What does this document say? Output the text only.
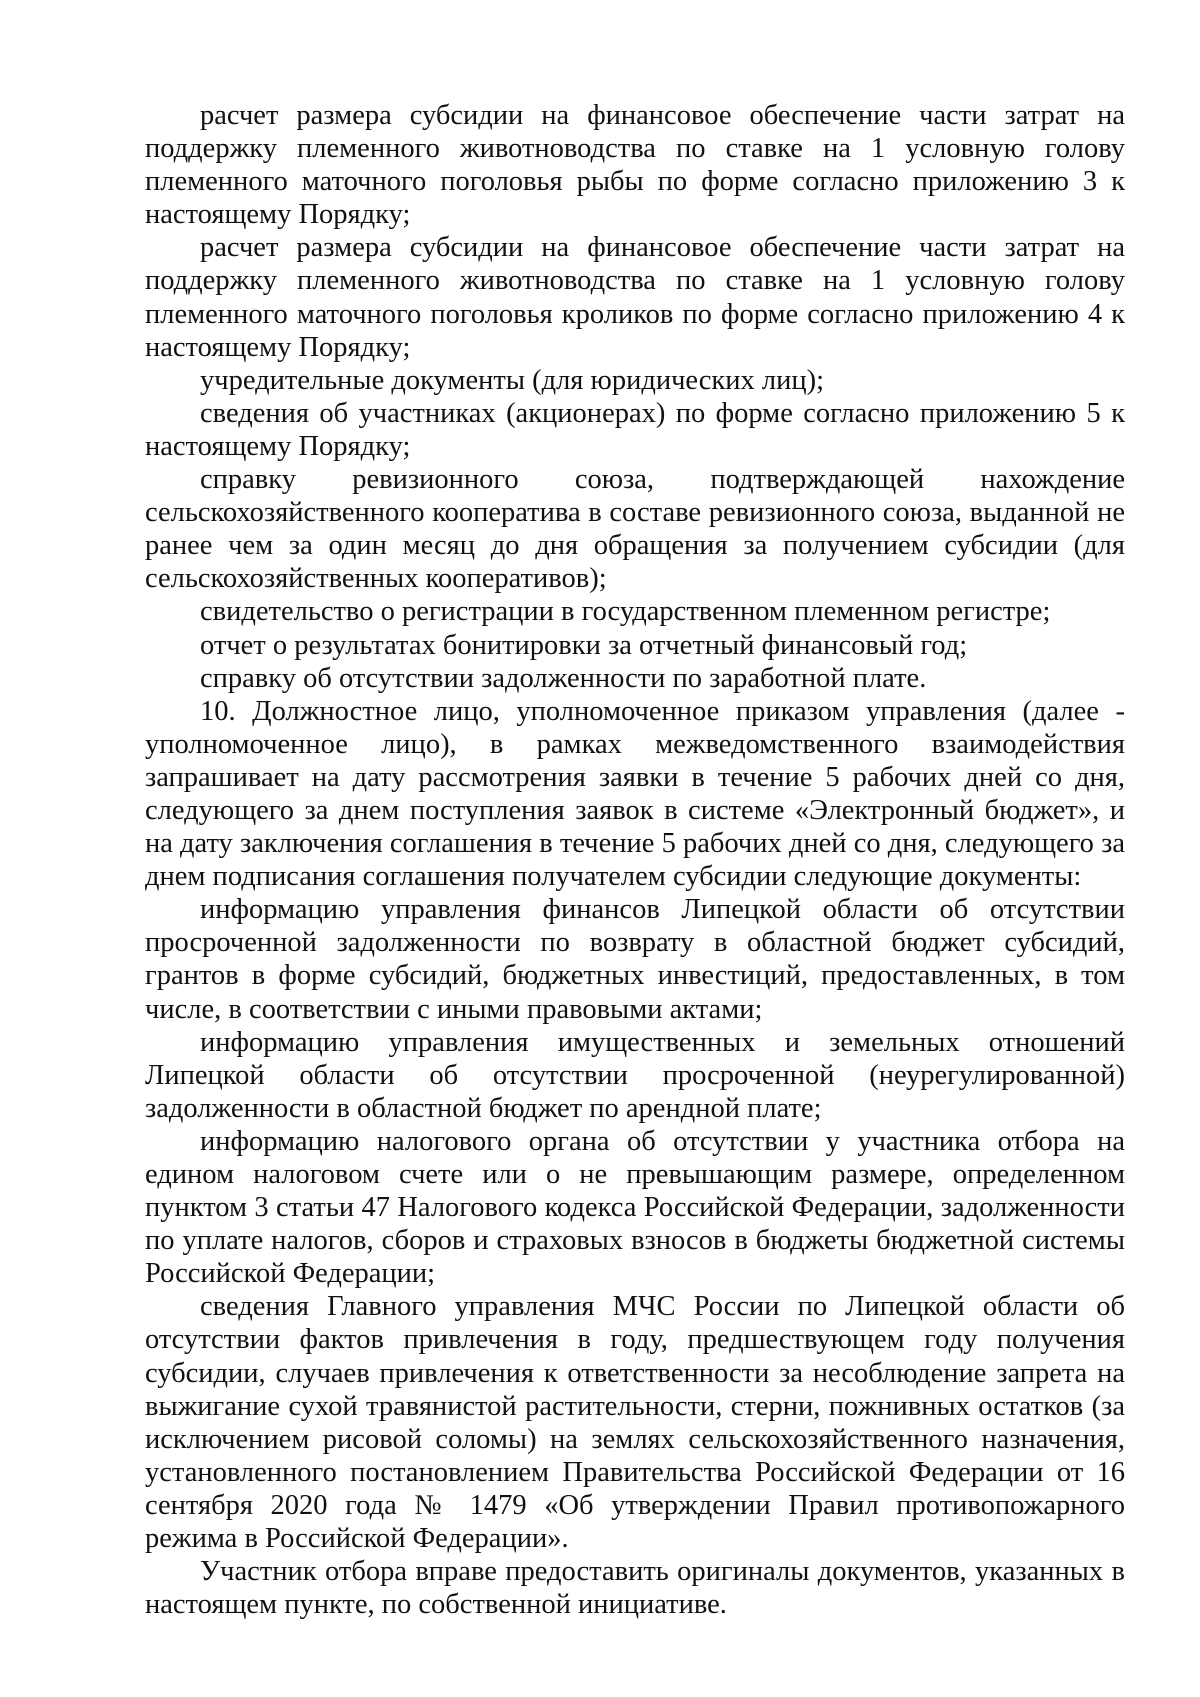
расчет размера субсидии на финансовое обеспечение части затрат на поддержку племенного животноводства по ставке на 1 условную голову племенного маточного поголовья рыбы по форме согласно приложению 3 к настоящему Порядку;

расчет размера субсидии на финансовое обеспечение части затрат на поддержку племенного животноводства по ставке на 1 условную голову племенного маточного поголовья кроликов по форме согласно приложению 4 к настоящему Порядку;

учредительные документы (для юридических лиц);

сведения об участниках (акционерах) по форме согласно приложению 5 к настоящему Порядку;

справку ревизионного союза, подтверждающей нахождение сельскохозяйственного кооператива в составе ревизионного союза, выданной не ранее чем за один месяц до дня обращения за получением субсидии (для сельскохозяйственных кооперативов);

свидетельство о регистрации в государственном племенном регистре;

отчет о результатах бонитировки за отчетный финансовый год;

справку об отсутствии задолженности по заработной плате.

10. Должностное лицо, уполномоченное приказом управления (далее - уполномоченное лицо), в рамках межведомственного взаимодействия запрашивает на дату рассмотрения заявки в течение 5 рабочих дней со дня, следующего за днем поступления заявок в системе «Электронный бюджет», и на дату заключения соглашения в течение 5 рабочих дней со дня, следующего за днем подписания соглашения получателем субсидии следующие документы:

информацию управления финансов Липецкой области об отсутствии просроченной задолженности по возврату в областной бюджет субсидий, грантов в форме субсидий, бюджетных инвестиций, предоставленных, в том числе, в соответствии с иными правовыми актами;

информацию управления имущественных и земельных отношений Липецкой области об отсутствии просроченной (неурегулированной) задолженности в областной бюджет по арендной плате;

информацию налогового органа об отсутствии у участника отбора на едином налоговом счете или о не превышающим размере, определенном пунктом 3 статьи 47 Налогового кодекса Российской Федерации, задолженности по уплате налогов, сборов и страховых взносов в бюджеты бюджетной системы Российской Федерации;

сведения Главного управления МЧС России по Липецкой области об отсутствии фактов привлечения в году, предшествующем году получения субсидии, случаев привлечения к ответственности за несоблюдение запрета на выжигание сухой травянистой растительности, стерни, пожнивных остатков (за исключением рисовой соломы) на землях сельскохозяйственного назначения, установленного постановлением Правительства Российской Федерации от 16 сентября 2020 года № 1479 «Об утверждении Правил противопожарного режима в Российской Федерации».

Участник отбора вправе предоставить оригиналы документов, указанных в настоящем пункте, по собственной инициативе.
